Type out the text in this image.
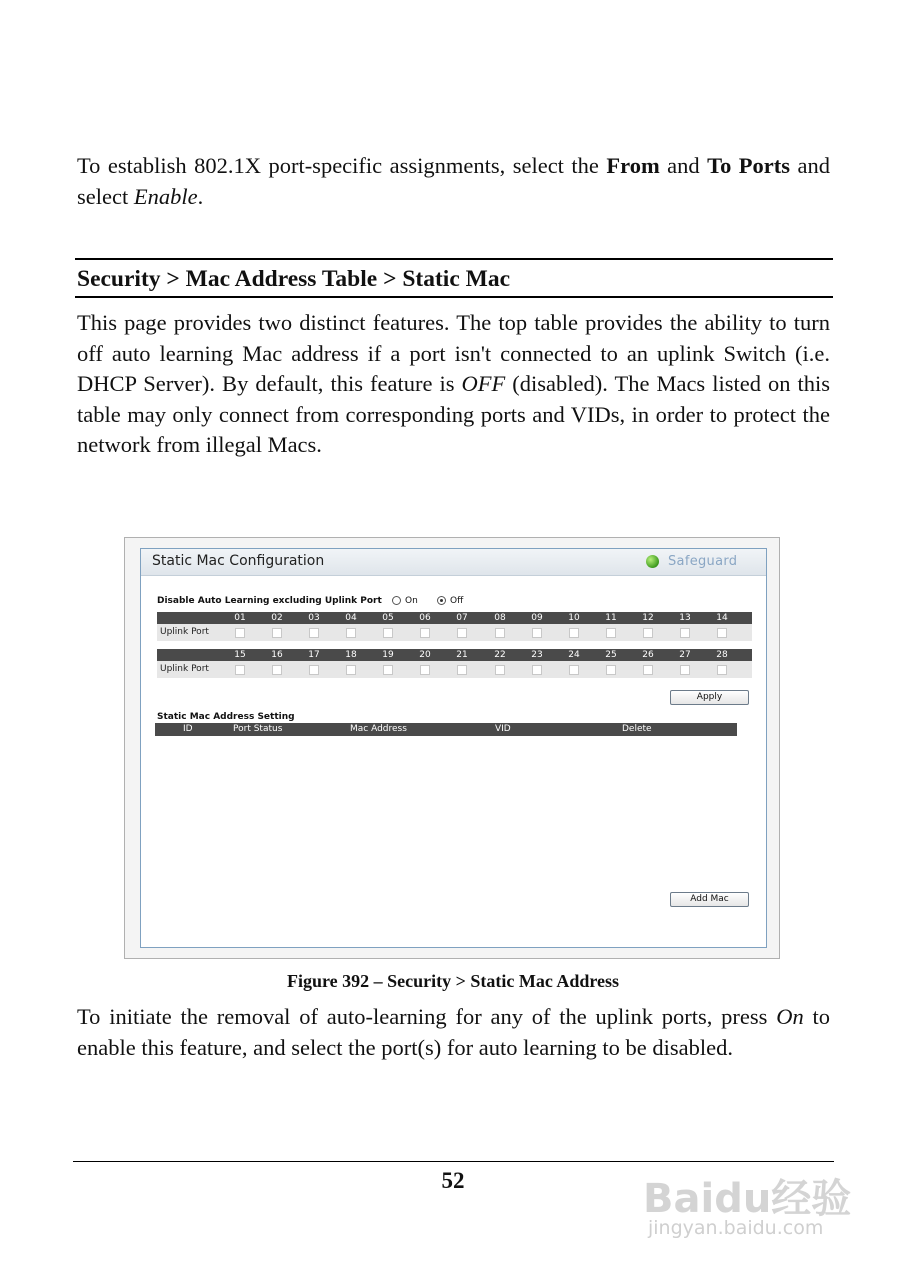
To establish 802.1X port-specific assignments, select the From and To Ports and select Enable.

Security > Mac Address Table > Static Mac

This page provides two distinct features. The top table provides the ability to turn off auto learning Mac address if a port isn't connected to an uplink Switch (i.e. DHCP Server). By default, this feature is OFF (disabled). The Macs listed on this table may only connect from corresponding ports and VIDs, in order to protect the network from illegal Macs.

Static Mac Configuration	Safeguard
Disable Auto Learning excluding Uplink Port	On	Off
01	02	03	04	05	06	07	08	09	10	11	12	13	14
Uplink Port
15	16	17	18	19	20	21	22	23	24	25	26	27	28
Uplink Port
Apply
Static Mac Address Setting
ID	Port Status	Mac Address	VID	Delete
Add Mac
Figure 392 – Security > Static Mac Address

To initiate the removal of auto-learning for any of the uplink ports, press On to enable this feature, and select the port(s) for auto learning to be disabled.

52	Baidu经验
jingyan.baidu.com
